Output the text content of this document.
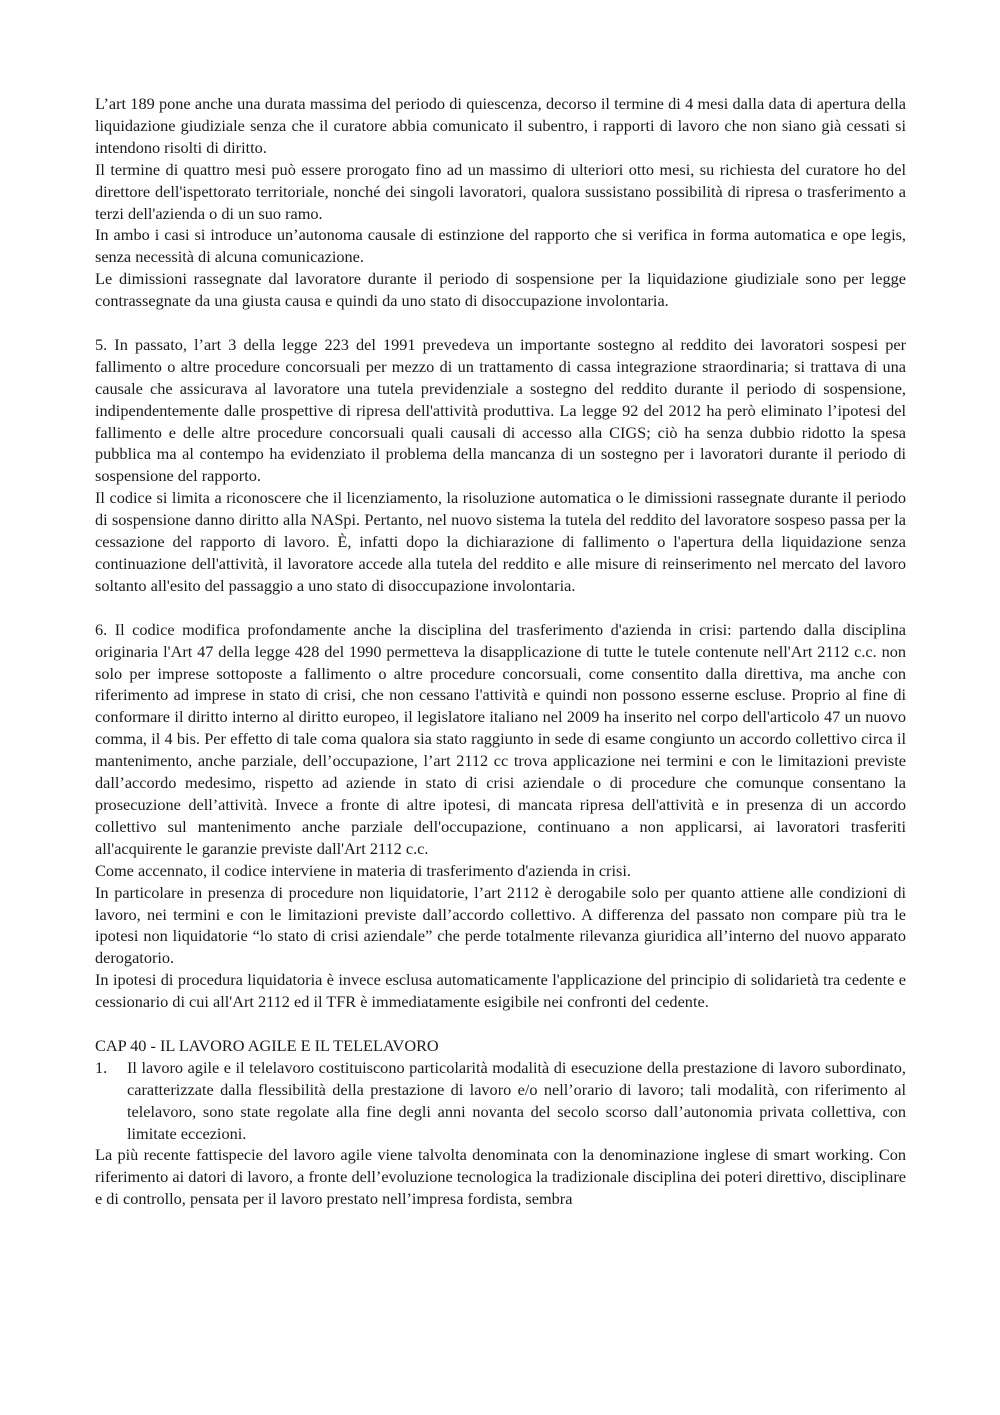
L’art 189 pone anche una durata massima del periodo di quiescenza, decorso il termine di 4 mesi dalla data di apertura della liquidazione giudiziale senza che il curatore abbia comunicato il subentro, i rapporti di lavoro che non siano già cessati si intendono risolti di diritto.

Il termine di quattro mesi può essere prorogato fino ad un massimo di ulteriori otto mesi, su richiesta del curatore ho del direttore dell'ispettorato territoriale, nonché dei singoli lavoratori, qualora sussistano possibilità di ripresa o trasferimento a terzi dell'azienda o di un suo ramo.

In ambo i casi si introduce un’autonoma causale di estinzione del rapporto che si verifica in forma automatica e ope legis, senza necessità di alcuna comunicazione.

Le dimissioni rassegnate dal lavoratore durante il periodo di sospensione per la liquidazione giudiziale sono per legge contrassegnate da una giusta causa e quindi da uno stato di disoccupazione involontaria.

5. In passato, l’art 3 della legge 223 del 1991 prevedeva un importante sostegno al reddito dei lavoratori sospesi per fallimento o altre procedure concorsuali per mezzo di un trattamento di cassa integrazione straordinaria; si trattava di una causale che assicurava al lavoratore una tutela previdenziale a sostegno del reddito durante il periodo di sospensione, indipendentemente dalle prospettive di ripresa dell'attività produttiva. La legge 92 del 2012 ha però eliminato l’ipotesi del fallimento e delle altre procedure concorsuali quali causali di accesso alla CIGS; ciò ha senza dubbio ridotto la spesa pubblica ma al contempo ha evidenziato il problema della mancanza di un sostegno per i lavoratori durante il periodo di sospensione del rapporto.

Il codice si limita a riconoscere che il licenziamento, la risoluzione automatica o le dimissioni rassegnate durante il periodo di sospensione danno diritto alla NASpi. Pertanto, nel nuovo sistema la tutela del reddito del lavoratore sospeso passa per la cessazione del rapporto di lavoro. È, infatti dopo la dichiarazione di fallimento o l'apertura della liquidazione senza continuazione dell'attività, il lavoratore accede alla tutela del reddito e alle misure di reinserimento nel mercato del lavoro soltanto all'esito del passaggio a uno stato di disoccupazione involontaria.

6. Il codice modifica profondamente anche la disciplina del trasferimento d'azienda in crisi: partendo dalla disciplina originaria l'Art 47 della legge 428 del 1990 permetteva la disapplicazione di tutte le tutele contenute nell'Art 2112 c.c. non solo per imprese sottoposte a fallimento o altre procedure concorsuali, come consentito dalla direttiva, ma anche con riferimento ad imprese in stato di crisi, che non cessano l'attività e quindi non possono esserne escluse. Proprio al fine di conformare il diritto interno al diritto europeo, il legislatore italiano nel 2009 ha inserito nel corpo dell'articolo 47 un nuovo comma, il 4 bis. Per effetto di tale coma qualora sia stato raggiunto in sede di esame congiunto un accordo collettivo circa il mantenimento, anche parziale, dell’occupazione, l’art 2112 cc trova applicazione nei termini e con le limitazioni previste dall’accordo medesimo, rispetto ad aziende in stato di crisi aziendale o di procedure che comunque consentano la prosecuzione dell’attività. Invece a fronte di altre ipotesi, di mancata ripresa dell'attività e in presenza di un accordo collettivo sul mantenimento anche parziale dell'occupazione, continuano a non applicarsi, ai lavoratori trasferiti all'acquirente le garanzie previste dall'Art 2112 c.c.

Come accennato, il codice interviene in materia di trasferimento d'azienda in crisi.

In particolare in presenza di procedure non liquidatorie, l’art 2112 è derogabile solo per quanto attiene alle condizioni di lavoro, nei termini e con le limitazioni previste dall’accordo collettivo. A differenza del passato non compare più tra le ipotesi non liquidatorie “lo stato di crisi aziendale” che perde totalmente rilevanza giuridica all’interno del nuovo apparato derogatorio.

In ipotesi di procedura liquidatoria è invece esclusa automaticamente l'applicazione del principio di solidarietà tra cedente e cessionario di cui all'Art 2112 ed il TFR è immediatamente esigibile nei confronti del cedente.

CAP 40 - IL LAVORO AGILE E IL TELELAVORO

1.	Il lavoro agile e il telelavoro costituiscono particolarità modalità di esecuzione della prestazione di lavoro subordinato, caratterizzate dalla flessibilità della prestazione di lavoro e/o nell’orario di lavoro; tali modalità, con riferimento al telelavoro, sono state regolate alla fine degli anni novanta del secolo scorso dall’autonomia privata collettiva, con limitate eccezioni.

La più recente fattispecie del lavoro agile viene talvolta denominata con la denominazione inglese di smart working. Con riferimento ai datori di lavoro, a fronte dell’evoluzione tecnologica la tradizionale disciplina dei poteri direttivo, disciplinare e di controllo, pensata per il lavoro prestato nell’impresa fordista, sembra
